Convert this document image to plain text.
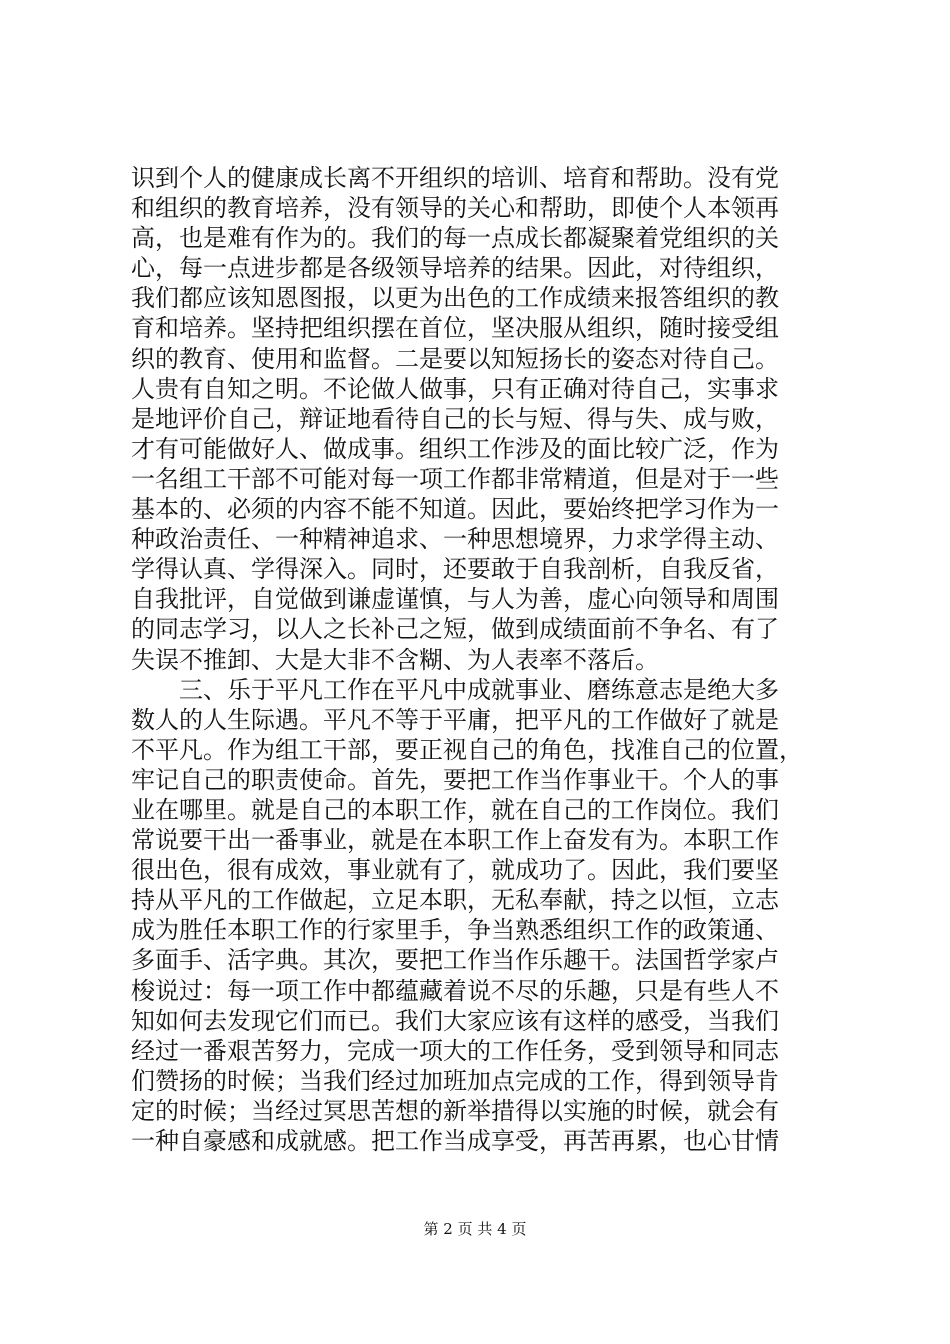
识到个人的健康成长离不开组织的培训、培育和帮助。没有党
和组织的教育培养，没有领导的关心和帮助，即使个人本领再
高，也是难有作为的。我们的每一点成长都凝聚着党组织的关
心，每一点进步都是各级领导培养的结果。因此，对待组织，
我们都应该知恩图报，以更为出色的工作成绩来报答组织的教
育和培养。坚持把组织摆在首位，坚决服从组织，随时接受组
织的教育、使用和监督。二是要以知短扬长的姿态对待自己。
人贵有自知之明。不论做人做事，只有正确对待自己，实事求
是地评价自己，辩证地看待自己的长与短、得与失、成与败，
才有可能做好人、做成事。组织工作涉及的面比较广泛，作为
一名组工干部不可能对每一项工作都非常精道，但是对于一些
基本的、必须的内容不能不知道。因此，要始终把学习作为一
种政治责任、一种精神追求、一种思想境界，力求学得主动、
学得认真、学得深入。同时，还要敢于自我剖析，自我反省，
自我批评，自觉做到谦虚谨慎，与人为善，虚心向领导和周围
的同志学习，以人之长补己之短，做到成绩面前不争名、有了
失误不推卸、大是大非不含糊、为人表率不落后。
　　三、乐于平凡工作在平凡中成就事业、磨练意志是绝大多
数人的人生际遇。平凡不等于平庸，把平凡的工作做好了就是
不平凡。作为组工干部，要正视自己的角色，找准自己的位置，
牢记自己的职责使命。首先，要把工作当作事业干。个人的事
业在哪里。就是自己的本职工作，就在自己的工作岗位。我们
常说要干出一番事业，就是在本职工作上奋发有为。本职工作
很出色，很有成效，事业就有了，就成功了。因此，我们要坚
持从平凡的工作做起，立足本职，无私奉献，持之以恒，立志
成为胜任本职工作的行家里手，争当熟悉组织工作的政策通、
多面手、活字典。其次，要把工作当作乐趣干。法国哲学家卢
梭说过：每一项工作中都蕴藏着说不尽的乐趣，只是有些人不
知如何去发现它们而已。我们大家应该有这样的感受，当我们
经过一番艰苦努力，完成一项大的工作任务，受到领导和同志
们赞扬的时候；当我们经过加班加点完成的工作，得到领导肯
定的时候；当经过冥思苦想的新举措得以实施的时候，就会有
一种自豪感和成就感。把工作当成享受，再苦再累，也心甘情
第 2 页 共 4 页
